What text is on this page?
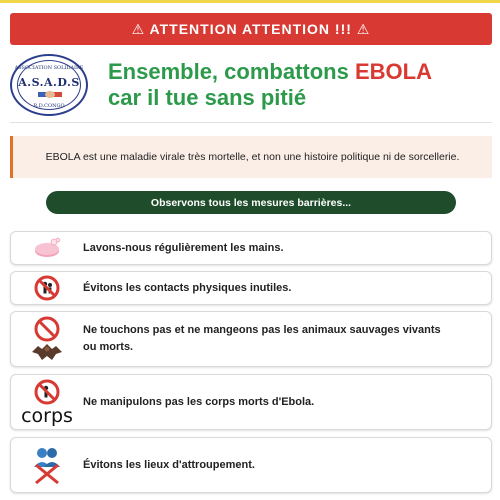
⚠ ATTENTION ATTENTION !!! ⚠
ASSOCIATION SOLIDAIRE
A.S.A.D.S
R.D.CONGO
Ensemble, combattons EBOLA
car il tue sans pitié
EBOLA est une maladie virale très mortelle, et non une histoire politique ni de sorcellerie.
Observons tous les mesures barrières...
Lavons-nous régulièrement les mains.
Évitons les contacts physiques inutiles.
Ne touchons pas et ne mangeons pas les animaux sauvages vivants ou morts.
corps
Ne manipulons pas les corps morts d'Ebola.
Évitons les lieux d'attroupement.
